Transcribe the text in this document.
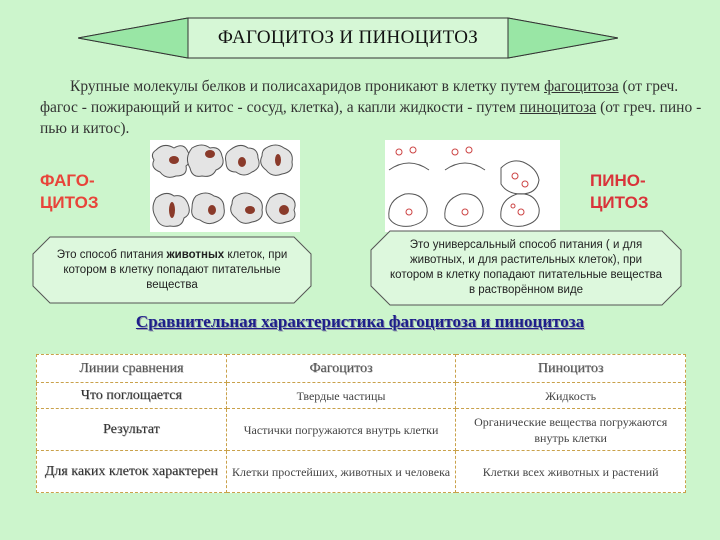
ФАГОЦИТОЗ И ПИНОЦИТОЗ
Крупные молекулы белков и полисахаридов проникают в клетку путем фагоцитоза (от греч. фагос - пожирающий и китос - сосуд, клетка), а капли жидкости - путем пиноцитоза (от греч. пино - пью и китос).
ФАГО-
ЦИТОЗ
ПИНО-
ЦИТОЗ
Это способ питания животных клеток, при котором в клетку попадают питательные вещества
Это универсальный способ питания ( и для животных, и для растительных клеток), при котором в клетку попадают питательные вещества в растворённом виде
Сравнительная характеристика фагоцитоза и пиноцитоза
Линии сравнения	Фагоцитоз	Пиноцитоз
Что поглощается	Твердые частицы	Жидкость
Результат	Частички погружаются внутрь клетки	Органические вещества погружаются внутрь клетки
Для каких клеток характерен	Клетки простейших, животных и человека	Клетки всех животных и растений
